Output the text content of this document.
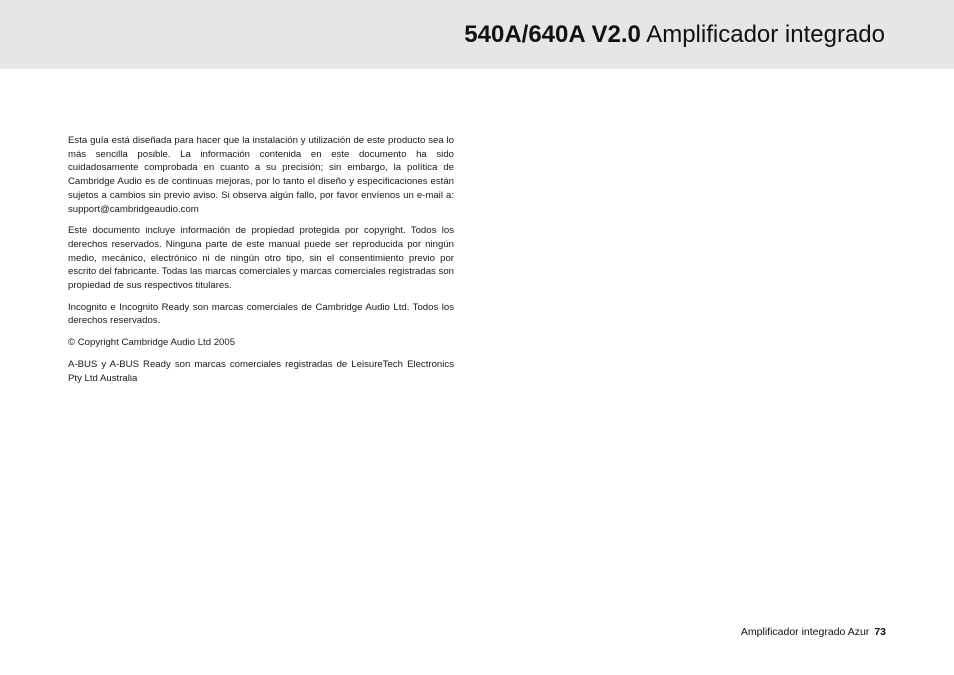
540A/640A V2.0 Amplificador integrado

Esta guía está diseñada para hacer que la instalación y utilización de este producto sea lo más sencilla posible. La información contenida en este documento ha sido cuidadosamente comprobada en cuanto a su precisión; sin embargo, la política de Cambridge Audio es de continuas mejoras, por lo tanto el diseño y especificaciones están sujetos a cambios sin previo aviso. Si observa algún fallo, por favor envíenos un e-mail a: support@cambridgeaudio.com

Este documento incluye información de propiedad protegida por copyright. Todos los derechos reservados. Ninguna parte de este manual puede ser reproducida por ningún medio, mecánico, electrónico ni de ningún otro tipo, sin el consentimiento previo por escrito del fabricante. Todas las marcas comerciales y marcas comerciales registradas son propiedad de sus respectivos titulares.

Incognito e Incognito Ready son marcas comerciales de Cambridge Audio Ltd. Todos los derechos reservados.

© Copyright Cambridge Audio Ltd 2005

A-BUS y A-BUS Ready son marcas comerciales registradas de LeisureTech Electronics Pty Ltd Australia

Amplificador integrado Azur 73
